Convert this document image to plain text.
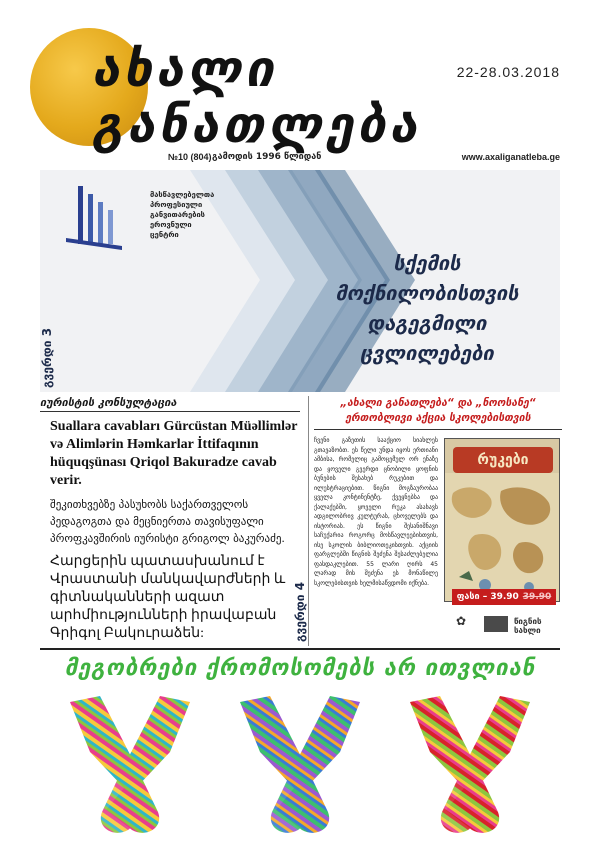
ახალი
განათლება
22-28.03.2018
№10 (804) გამოდის 1996 წლიდან	www.axaliganatleba.ge
მასწავლებელთა
პროფესიული
განვითარების
ეროვნული
ცენტრი
სქემის
მოქნილობისთვის
დაგეგმილი
ცვლილებები
გვერდი 3
იურისტის კონსულტაცია
Suallara cavabları Gürcüstan Müəllimlər və Alimlərin Həmkarlar İttifaqının hüquqşünası Qriqol Bakuradze cavab verir.
შეკითხვებზე პასუხობს საქართველოს პედაგოგთა და მეცნიერთა თავისუფალი პროფკავშირის იურისტი გრიგოლ ბაკურაძე.
Հարցերին պատասխանում է Վրաստանի մանկավարժների և գիտնականների ազատ արհմիությունների իրավաբան Գրիգոլ Բակուրաձեն:	გვერდი 4
„ახალი განათლება“ და „ნოოსანე“
ერთობლივი აქცია სკოლებისთვის
ჩვენი გაზეთის სააქციო სიახლეს გთავაზობთ. ეს წელი უნდა იყოს ერთიანი ამბისა, რომელიც გამოცემულ ორ ენაზე და ყოველი გვერდი ცნობილი ყოფნის ბუნების შესახებ რუკებით და ილუსტრაციებით. წიგნი მოგზაურობაა ყველა კონტინენტზე, ქვეყნებსა და ქალაქებში, ყოველი რუკა ასახავს ადგილობრივ კულტურას, ცხოველებს და ისტორიას. ეს წიგნი შესანიშნავი საჩუქარია როგორც მოსწავლეებისთვის, ისე სკოლის ბიბლიოთეკისთვის. აქციის ფარგლებში წიგნის შეძენა შესაძლებელია ფასდაკლებით. 55 ლარი ღირს 45 ლარად მის შეძენა ეს მონაწილე სკოლებისთვის ხელმისაწვდომი იქნება.
რუკები
ფასი – 39.90 39.90
✿	წიგნის სახლი
მეგობრები ქრომოსომებს არ ითვლიან
